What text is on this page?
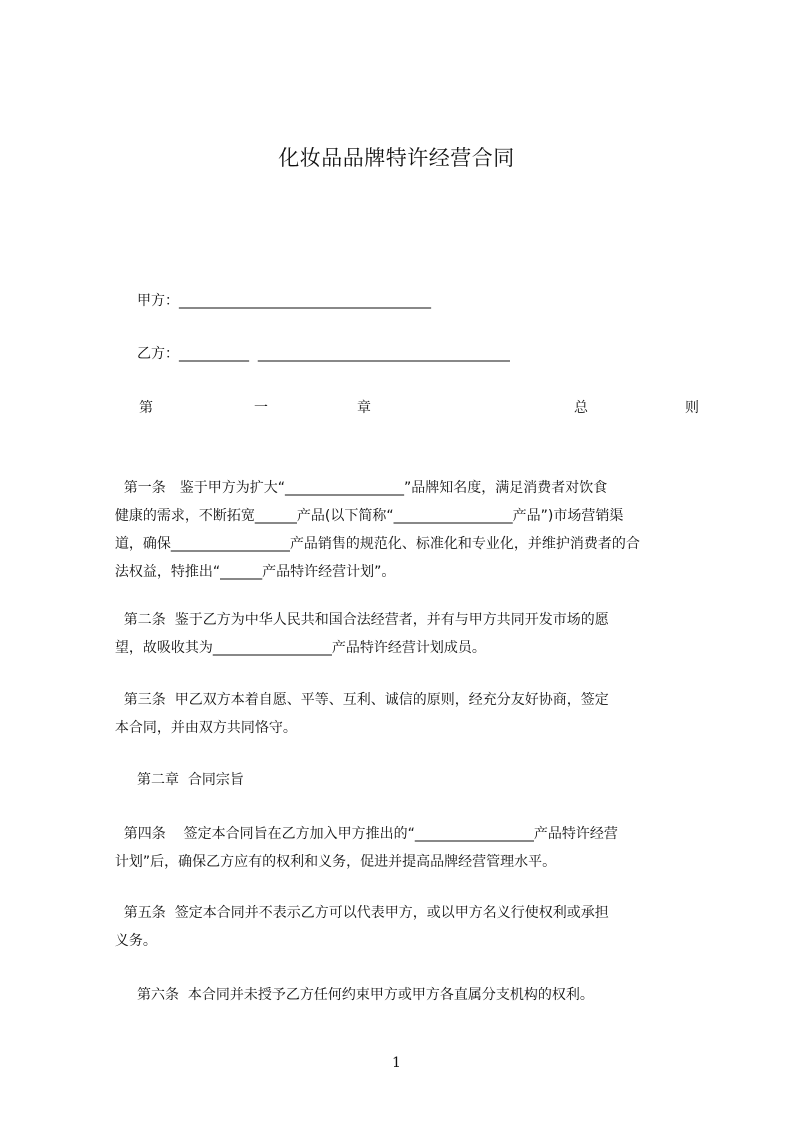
化妆品品牌特许经营合同
甲方：____________________________________
乙方：__________  ____________________________________
第	一	章	总	则
第一条　鉴于甲方为扩大“_________________”品牌知名度，满足消费者对饮食
健康的需求，不断拓宽______产品(以下简称“_________________产品”)市场营销渠
道，确保_________________产品销售的规范化、标准化和专业化，并维护消费者的合
法权益，特推出“______产品特许经营计划”。
第二条  鉴于乙方为中华人民共和国合法经营者，并有与甲方共同开发市场的愿
望，故吸收其为_________________产品特许经营计划成员。
第三条  甲乙双方本着自愿、平等、互利、诚信的原则，经充分友好协商，签定
本合同，并由双方共同恪守。
第二章  合同宗旨
第四条    签定本合同旨在乙方加入甲方推出的“_________________产品特许经营
计划”后，确保乙方应有的权利和义务，促进并提高品牌经营管理水平。
第五条  签定本合同并不表示乙方可以代表甲方，或以甲方名义行使权利或承担
义务。
第六条  本合同并未授予乙方任何约束甲方或甲方各直属分支机构的权利。
1
